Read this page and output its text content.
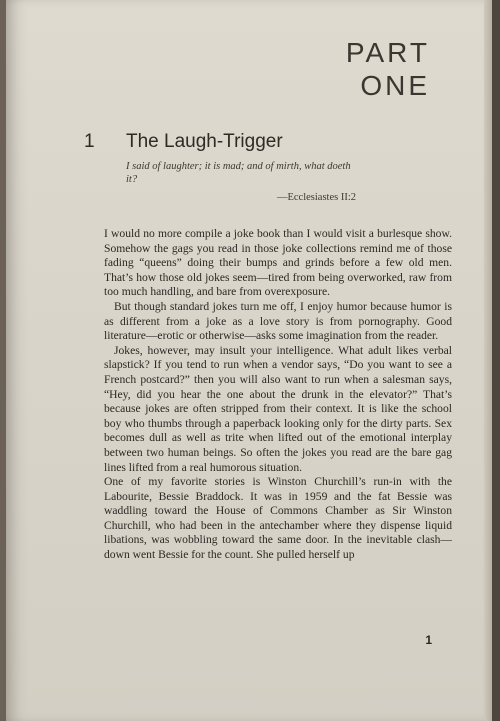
PART
ONE
1 The Laugh-Trigger
I said of laughter; it is mad; and of mirth, what doeth it?
—Ecclesiastes II:2

I would no more compile a joke book than I would visit a burlesque show. Somehow the gags you read in those joke collections remind me of those fading “queens” doing their bumps and grinds before a few old men. That’s how those old jokes seem—tired from being overworked, raw from too much handling, and bare from overexposure.

But though standard jokes turn me off, I enjoy humor because humor is as different from a joke as a love story is from pornography. Good literature—erotic or otherwise—asks some imagination from the reader.

Jokes, however, may insult your intelligence. What adult likes verbal slapstick? If you tend to run when a vendor says, “Do you want to see a French postcard?” then you will also want to run when a salesman says, “Hey, did you hear the one about the drunk in the elevator?” That’s because jokes are often stripped from their context. It is like the school boy who thumbs through a paperback looking only for the dirty parts. Sex becomes dull as well as trite when lifted out of the emotional interplay between two human beings. So often the jokes you read are the bare gag lines lifted from a real humorous situation.

One of my favorite stories is Winston Churchill’s run-in with the Labourite, Bessie Braddock. It was in 1959 and the fat Bessie was waddling toward the House of Commons Chamber as Sir Winston Churchill, who had been in the antechamber where they dispense liquid libations, was wobbling toward the same door. In the inevitable clash—down went Bessie for the count. She pulled herself up

1
